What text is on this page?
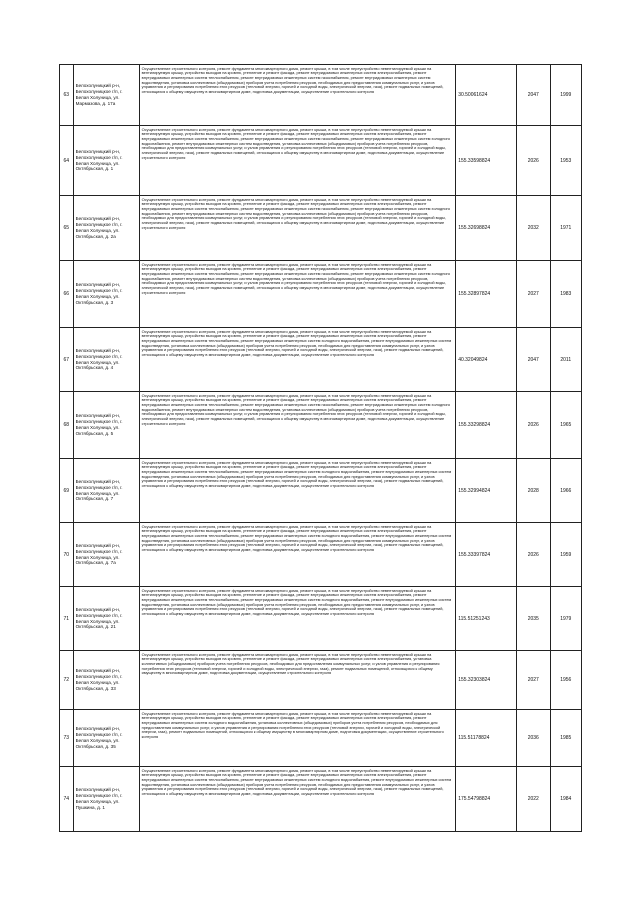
63	Белохолуницкий р-н, Белохолуницкое г/п, г. Белая Холуница, ул. Мармазова, д. 17а	Осуществление строительного контроля, ремонт фундамента многоквартирного дома, ремонт крыши, в том числе переустройство невентилируемой крыши на вентилируемую крышу, устройство выходов на кровлю, утепление и ремонт фасада, ремонт внутридомовых инженерных систем электроснабжения, ремонт внутридомовых инженерных систем теплоснабжения, ремонт внутридомовых инженерных систем газоснабжения, ремонт внутридомовых инженерных систем водоотведения, установка коллективных (общедомовых) приборов учета потребления ресурсов, необходимых для предоставления коммунальных услуг, и узлов управления и регулирования потребления этих ресурсов (тепловой энергии, горячей и холодной воды, электрической энергии, газа), ремонт подвальных помещений, относящихся к общему имуществу в многоквартирном доме, подготовка документации, осуществление строительного контроля	30.50061624	2047	1999
64	Белохолуницкий р-н, Белохолуницкое г/п, г. Белая Холуница, ул. Октябрьская, д. 1	Осуществление строительного контроля, ремонт фундамента многоквартирного дома, ремонт крыши, в том числе переустройство невентилируемой крыши на вентилируемую крышу, устройство выходов на кровлю, утепление и ремонт фасада, ремонт внутридомовых инженерных систем электроснабжения, ремонт внутридомовых инженерных систем теплоснабжения, ремонт внутридомовых инженерных систем газоснабжения, ремонт внутридомовых инженерных систем холодного водоснабжения, ремонт внутридомовых инженерных систем водоотведения, установка коллективных (общедомовых) приборов учета потребления ресурсов, необходимых для предоставления коммунальных услуг, и узлов управления и регулирования потребления этих ресурсов (тепловой энергии, горячей и холодной воды, электрической энергии, газа), ремонт подвальных помещений, относящихся к общему имуществу в многоквартирном доме, подготовка документации, осуществление строительного контроля	155.33598824	2026	1953
65	Белохолуницкий р-н, Белохолуницкое г/п, г. Белая Холуница, ул. Октябрьская, д. 2а	Осуществление строительного контроля, ремонт фундамента многоквартирного дома, ремонт крыши, в том числе переустройство невентилируемой крыши на вентилируемую крышу, устройство выходов на кровлю, утепление и ремонт фасада, ремонт внутридомовых инженерных систем электроснабжения, ремонт внутридомовых инженерных систем теплоснабжения, ремонт внутридомовых инженерных систем газоснабжения, ремонт внутридомовых инженерных систем холодного водоснабжения, ремонт внутридомовых инженерных систем водоотведения, установка коллективных (общедомовых) приборов учета потребления ресурсов, необходимых для предоставления коммунальных услуг, и узлов управления и регулирования потребления этих ресурсов (тепловой энергии, горячей и холодной воды, электрической энергии, газа), ремонт подвальных помещений, относящихся к общему имуществу в многоквартирном доме, подготовка документации, осуществление строительного контроля	155.32698824	2032	1971
66	Белохолуницкий р-н, Белохолуницкое г/п, г. Белая Холуница, ул. Октябрьская, д. 3	Осуществление строительного контроля, ремонт фундамента многоквартирного дома, ремонт крыши, в том числе переустройство невентилируемой крыши на вентилируемую крышу, устройство выходов на кровлю, утепление и ремонт фасада, ремонт внутридомовых инженерных систем электроснабжения, ремонт внутридомовых инженерных систем теплоснабжения, ремонт внутридомовых инженерных систем газоснабжения, ремонт внутридомовых инженерных систем холодного водоснабжения, ремонт внутридомовых инженерных систем водоотведения, установка коллективных (общедомовых) приборов учета потребления ресурсов, необходимых для предоставления коммунальных услуг, и узлов управления и регулирования потребления этих ресурсов (тепловой энергии, горячей и холодной воды, электрической энергии, газа), ремонт подвальных помещений, относящихся к общему имуществу в многоквартирном доме, подготовка документации, осуществление строительного контроля	155.32897824	2027	1983
67	Белохолуницкий р-н, Белохолуницкое г/п, г. Белая Холуница, ул. Октябрьская, д. 4	Осуществление строительного контроля, ремонт фундамента многоквартирного дома, ремонт крыши, в том числе переустройство невентилируемой крыши на вентилируемую крышу, устройство выходов на кровлю, утепление и ремонт фасада, ремонт внутридомовых инженерных систем электроснабжения, ремонт внутридомовых инженерных систем теплоснабжения, ремонт внутридомовых инженерных систем холодного водоснабжения, ремонт внутридомовых инженерных систем водоотведения, установка коллективных (общедомовых) приборов учета потребления ресурсов, необходимых для предоставления коммунальных услуг, и узлов управления и регулирования потребления этих ресурсов (тепловой энергии, горячей и холодной воды, электрической энергии, газа), ремонт подвальных помещений, относящихся к общему имуществу в многоквартирном доме, подготовка документации, осуществление строительного контроля	40.32049824	2047	2011
68	Белохолуницкий р-н, Белохолуницкое г/п, г. Белая Холуница, ул. Октябрьская, д. 5	Осуществление строительного контроля, ремонт фундамента многоквартирного дома, ремонт крыши, в том числе переустройство невентилируемой крыши на вентилируемую крышу, устройство выходов на кровлю, утепление и ремонт фасада, ремонт внутридомовых инженерных систем электроснабжения, ремонт внутридомовых инженерных систем теплоснабжения, ремонт внутридомовых инженерных систем газоснабжения, ремонт внутридомовых инженерных систем холодного водоснабжения, ремонт внутридомовых инженерных систем водоотведения, установка коллективных (общедомовых) приборов учета потребления ресурсов, необходимых для предоставления коммунальных услуг, и узлов управления и регулирования потребления этих ресурсов (тепловой энергии, горячей и холодной воды, электрической энергии, газа), ремонт подвальных помещений, относящихся к общему имуществу в многоквартирном доме, подготовка документации, осуществление строительного контроля	155.33298824	2026	1965
69	Белохолуницкий р-н, Белохолуницкое г/п, г. Белая Холуница, ул. Октябрьская, д. 7	Осуществление строительного контроля, ремонт фундамента многоквартирного дома, ремонт крыши, в том числе переустройство невентилируемой крыши на вентилируемую крышу, устройство выходов на кровлю, утепление и ремонт фасада, ремонт внутридомовых инженерных систем электроснабжения, ремонт внутридомовых инженерных систем теплоснабжения, ремонт внутридомовых инженерных систем холодного водоснабжения, ремонт внутридомовых инженерных систем водоотведения, установка коллективных (общедомовых) приборов учета потребления ресурсов, необходимых для предоставления коммунальных услуг, и узлов управления и регулирования потребления этих ресурсов (тепловой энергии, горячей и холодной воды, электрической энергии, газа), ремонт подвальных помещений, относящихся к общему имуществу в многоквартирном доме, подготовка документации, осуществление строительного контроля	155.32994824	2028	1966
70	Белохолуницкий р-н, Белохолуницкое г/п, г. Белая Холуница, ул. Октябрьская, д. 7а	Осуществление строительного контроля, ремонт фундамента многоквартирного дома, ремонт крыши, в том числе переустройство невентилируемой крыши на вентилируемую крышу, устройство выходов на кровлю, утепление и ремонт фасада, ремонт внутридомовых инженерных систем электроснабжения, ремонт внутридомовых инженерных систем теплоснабжения, ремонт внутридомовых инженерных систем холодного водоснабжения, ремонт внутридомовых инженерных систем водоотведения, установка коллективных (общедомовых) приборов учета потребления ресурсов, необходимых для предоставления коммунальных услуг, и узлов управления и регулирования потребления этих ресурсов (тепловой энергии, горячей и холодной воды, электрической энергии, газа), ремонт подвальных помещений, относящихся к общему имуществу в многоквартирном доме, подготовка документации, осуществление строительного контроля	155.33397824	2026	1959
71	Белохолуницкий р-н, Белохолуницкое г/п, г. Белая Холуница, ул. Октябрьская, д. 21	Осуществление строительного контроля, ремонт фундамента многоквартирного дома, ремонт крыши, в том числе переустройство невентилируемой крыши на вентилируемую крышу, устройство выходов на кровлю, утепление и ремонт фасада, ремонт внутридомовых инженерных систем электроснабжения, ремонт внутридомовых инженерных систем теплоснабжения, ремонт внутридомовых инженерных систем холодного водоснабжения, ремонт внутридомовых инженерных систем водоотведения, установка коллективных (общедомовых) приборов учета потребления ресурсов, необходимых для предоставления коммунальных услуг, и узлов управления и регулирования потребления этих ресурсов (тепловой энергии, горячей и холодной воды, электрической энергии, газа), ремонт подвальных помещений, относящихся к общему имуществу в многоквартирном доме, подготовка документации, осуществление строительного контроля	115.51251243	2035	1979
72	Белохолуницкий р-н, Белохолуницкое г/п, г. Белая Холуница, ул. Октябрьская, д. 33	Осуществление строительного контроля, ремонт фундамента многоквартирного дома, ремонт крыши, в том числе переустройство невентилируемой крыши на вентилируемую крышу, устройство выходов на кровлю, утепление и ремонт фасада, ремонт внутридомовых инженерных систем электроснабжения, установка коллективных (общедомовых) приборов учета потребления ресурсов, необходимых для предоставления коммунальных услуг, и узлов управления и регулирования потребления этих ресурсов (тепловой энергии, горячей и холодной воды, электрической энергии, газа), ремонт подвальных помещений, относящихся к общему имуществу в многоквартирном доме, подготовка документации, осуществление строительного контроля	155.32303824	2027	1956
73	Белохолуницкий р-н, Белохолуницкое г/п, г. Белая Холуница, ул. Октябрьская, д. 35	Осуществление строительного контроля, ремонт фундамента многоквартирного дома, ремонт крыши, в том числе переустройство невентилируемой крыши на вентилируемую крышу, устройство выходов на кровлю, утепление и ремонт фасада, ремонт внутридомовых инженерных систем электроснабжения, ремонт внутридомовых инженерных систем холодного водоснабжения, установка коллективных (общедомовых) приборов учета потребления ресурсов, необходимых для предоставления коммунальных услуг, и узлов управления и регулирования потребления этих ресурсов (тепловой энергии, горячей и холодной воды, электрической энергии, газа), ремонт подвальных помещений, относящихся к общему имуществу в многоквартирном доме, подготовка документации, осуществление строительного контроля	115.51178824	2036	1985
74	Белохолуницкий р-н, Белохолуницкое г/п, г. Белая Холуница, ул. Пушкина, д. 1	Осуществление строительного контроля, ремонт фундамента многоквартирного дома, ремонт крыши, в том числе переустройство невентилируемой крыши на вентилируемую крышу, устройство выходов на кровлю, утепление и ремонт фасада, ремонт внутридомовых инженерных систем электроснабжения, ремонт внутридомовых инженерных систем теплоснабжения, ремонт внутридомовых инженерных систем холодного водоснабжения, ремонт внутридомовых инженерных систем водоотведения, установка коллективных (общедомовых) приборов учета потребления ресурсов, необходимых для предоставления коммунальных услуг, и узлов управления и регулирования потребления этих ресурсов (тепловой энергии, горячей и холодной воды, электрической энергии, газа), ремонт подвальных помещений, относящихся к общему имуществу в многоквартирном доме, подготовка документации, осуществление строительного контроля	175.54798824	2022	1984
